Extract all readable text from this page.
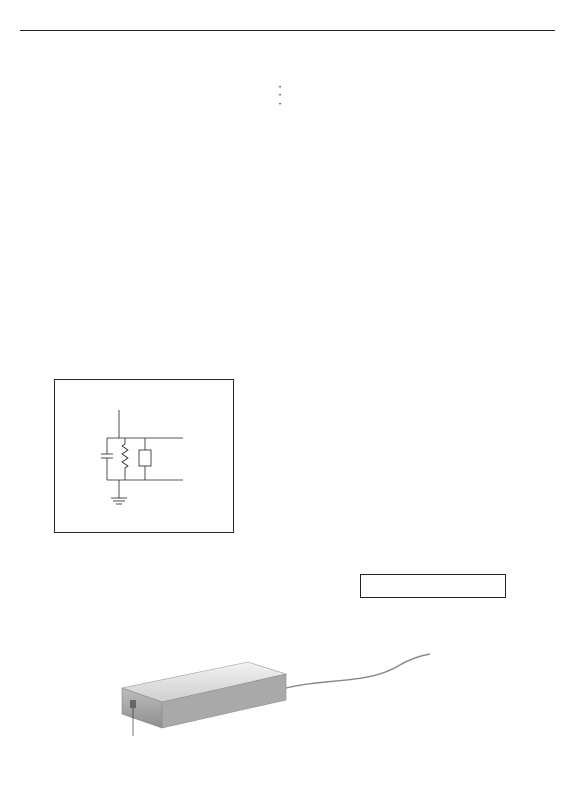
•

•

•
